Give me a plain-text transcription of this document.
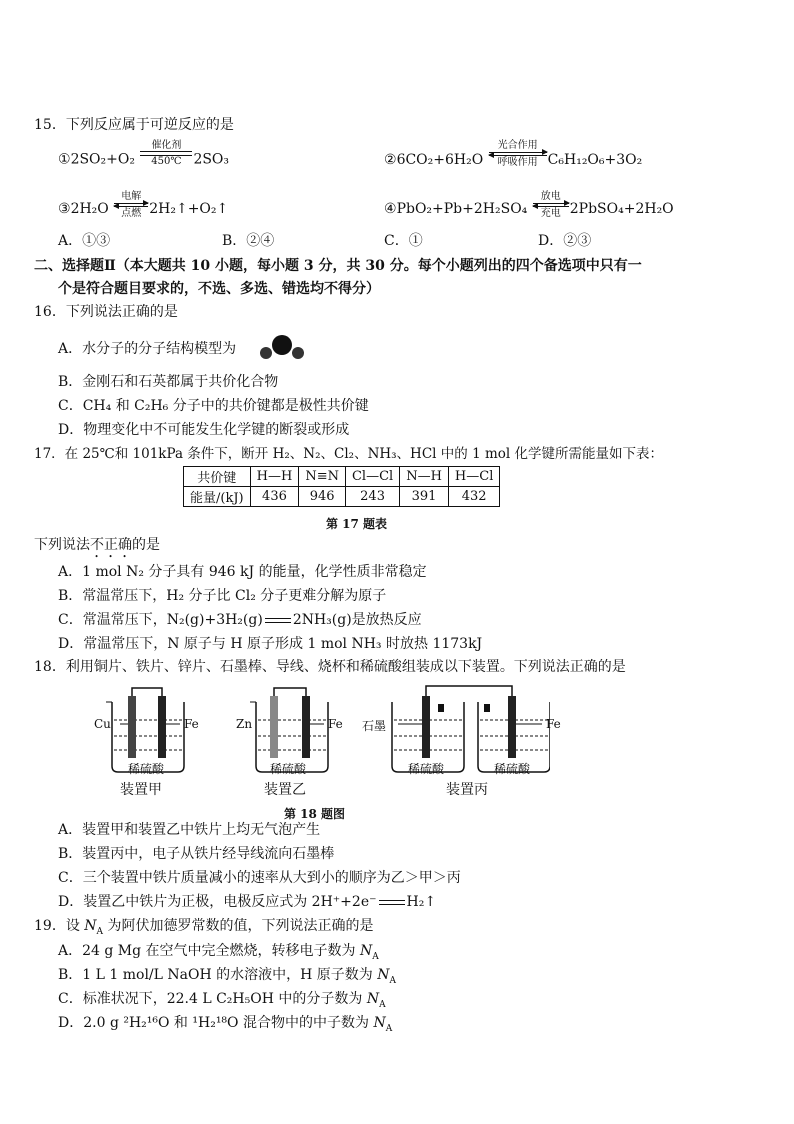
15．下列反应属于可逆反应的是
①2SO₂+O₂
催化剂
450℃ 2SO₃	②6CO₂+6H₂O
光合作用
呼吸作用 C₆H₁₂O₆+3O₂
③2H₂O
电解
点燃 2H₂↑+O₂↑	④PbO₂+Pb+2H₂SO₄
放电
充电 2PbSO₄+2H₂O
A．①③	B．②④	C．①	D．②③
二、选择题Ⅱ（本大题共 10 小题，每小题 3 分，共 30 分。每个小题列出的四个备选项中只有一
个是符合题目要求的，不选、多选、错选均不得分）
16．下列说法正确的是
A．水分子的分子结构模型为
B．金刚石和石英都属于共价化合物
C．CH₄ 和 C₂H₆ 分子中的共价键都是极性共价键
D．物理变化中不可能发生化学键的断裂或形成
17．在 25℃和 101kPa 条件下，断开 H₂、N₂、Cl₂、NH₃、HCl 中的 1 mol 化学键所需能量如下表：
共价键	H—H	N≡N	Cl—Cl	N—H	H—Cl
能量/(kJ)	436	946	243	391	432
第 17 题表
下列说法不正确的是
A．1 mol N₂ 分子具有 946 kJ 的能量，化学性质非常稳定
B．常温常压下，H₂ 分子比 Cl₂ 分子更难分解为原子
C．常温常压下，N₂(g)+3H₂(g) 2NH₃(g)是放热反应
D．常温常压下，N 原子与 H 原子形成 1 mol NH₃ 时放热 1173kJ
18．利用铜片、铁片、锌片、石墨棒、导线、烧杯和稀硫酸组装成以下装置。下列说法正确的是
Cu	Fe	Zn	Fe 石墨	Fe
稀硫酸	稀硫酸	稀硫酸	稀硫酸
装置甲	装置乙	装置丙
第 18 题图
A．装置甲和装置乙中铁片上均无气泡产生
B．装置丙中，电子从铁片经导线流向石墨棒
C．三个装置中铁片质量减小的速率从大到小的顺序为乙＞甲＞丙
D．装置乙中铁片为正极，电极反应式为 2H⁺+2e⁻ H₂↑
19．设 $N_A$ 为阿伏加德罗常数的值，下列说法正确的是
A．24 g Mg 在空气中完全燃烧，转移电子数为 $N_A$
B．1 L 1 mol/L NaOH 的水溶液中，H 原子数为 $N_A$
C．标准状况下，22.4 L C₂H₅OH 中的分子数为 $N_A$
D．2.0 g ²H₂¹⁶O 和 ¹H₂¹⁸O 混合物中的中子数为 $N_A$
